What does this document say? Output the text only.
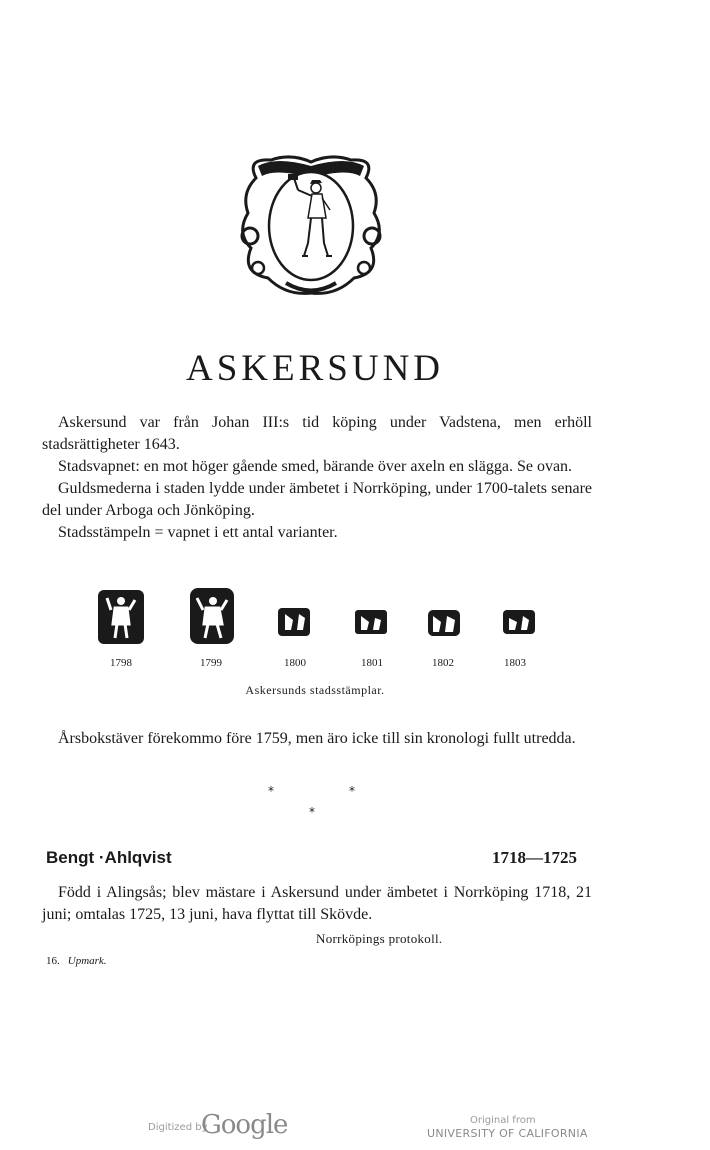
ASKERSUND

Askersund var från Johan III:s tid köping under Vadstena, men erhöll stadsrättigheter 1643.

Stadsvapnet: en mot höger gående smed, bärande över axeln en slägga. Se ovan.

Guldsmederna i staden lydde under ämbetet i Norrköping, under 1700-talets senare del under Arboga och Jönköping.

Stadsstämpeln = vapnet i ett antal varianter.

1798	1799	1800	1801	1802	1803
Askersunds stadsstämplar.

Årsbokstäver förekommo före 1759, men äro icke till sin kronologi fullt utredda.

*	*
*
Bengt ·Ahlqvist	1718—1725

Född i Alingsås; blev mästare i Askersund under ämbetet i Norrköping 1718, 21 juni; omtalas 1725, 13 juni, hava flyttat till Skövde.

Norrköpings protokoll.
16. Upmark.
Digitized by
Google	Original from
UNIVERSITY OF CALIFORNIA
